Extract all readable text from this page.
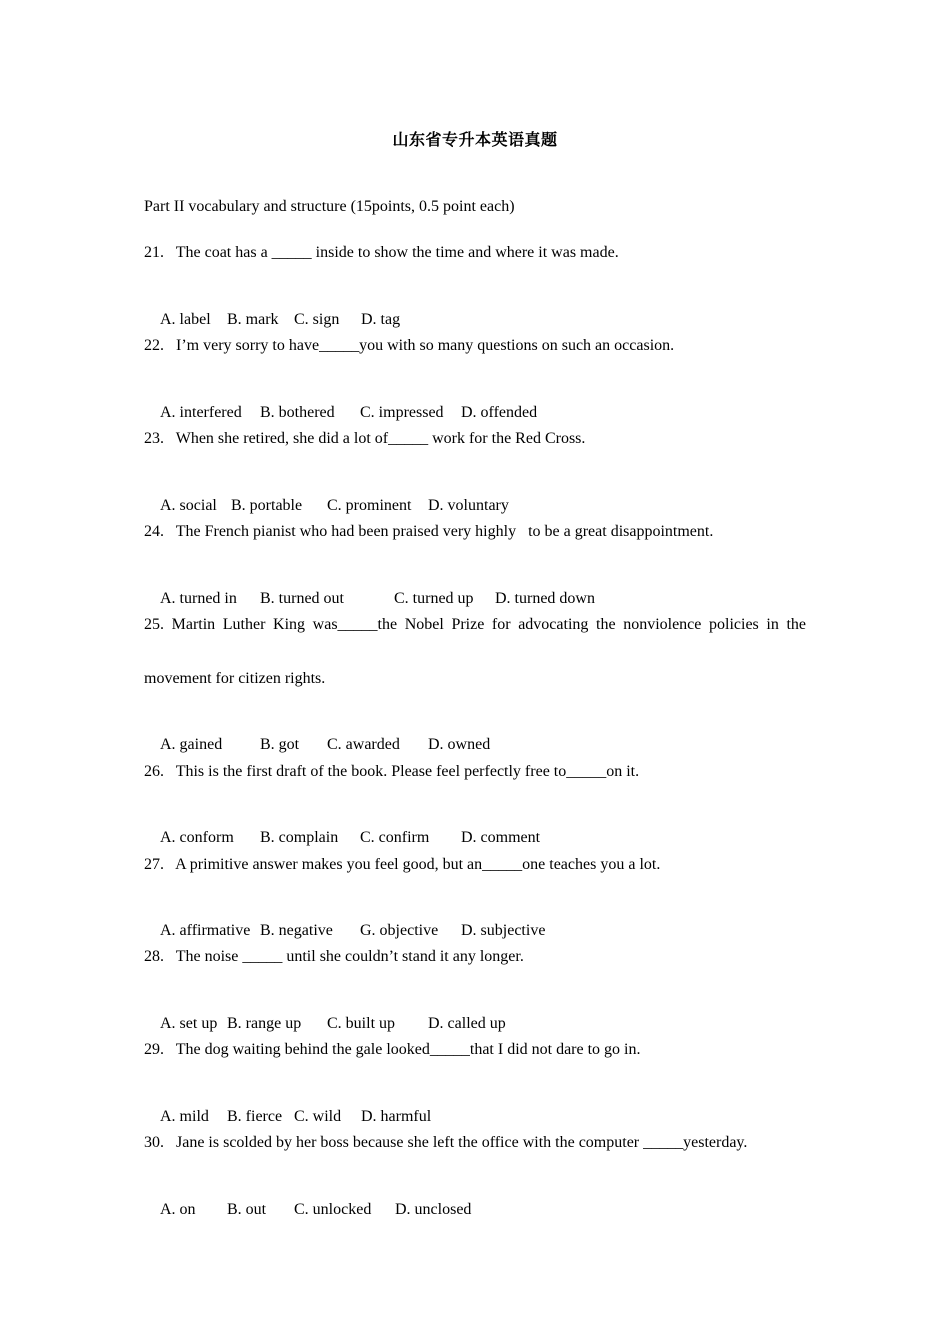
山东省专升本英语真题
Part II vocabulary and structure (15points, 0.5 point each)
21.   The coat has a _____ inside to show the time and where it was made.

A. label B. mark C. sign D. tag

22.   I’m very sorry to have_____you with so many questions on such an occasion.

A. interfered B. bothered C. impressed D. offended

23.   When she retired, she did a lot of_____ work for the Red Cross.

A. social B. portable C. prominent D. voluntary

24.   The French pianist who had been praised very highly   to be a great disappointment.

A. turned in B. turned out	C. turned up D. turned down

25. Martin Luther King was_____the Nobel Prize for advocating the nonviolence policies in the
movement for citizen rights.

A. gained B. got C. awarded D. owned

26.   This is the first draft of the book. Please feel perfectly free to_____on it.

A. conform B. complain C. confirm D. comment

27.   A primitive answer makes you feel good, but an_____one teaches you a lot.

A. affirmative B. negative G. objective D. subjective

28.   The noise _____ until she couldn’t stand it any longer.

A. set up B. range up C. built up D. called up

29.   The dog waiting behind the gale looked_____that I did not dare to go in.

A. mild B. fierce C. wild D. harmful

30.   Jane is scolded by her boss because she left the office with the computer _____yesterday.

A. on B. out C. unlocked D. unclosed
